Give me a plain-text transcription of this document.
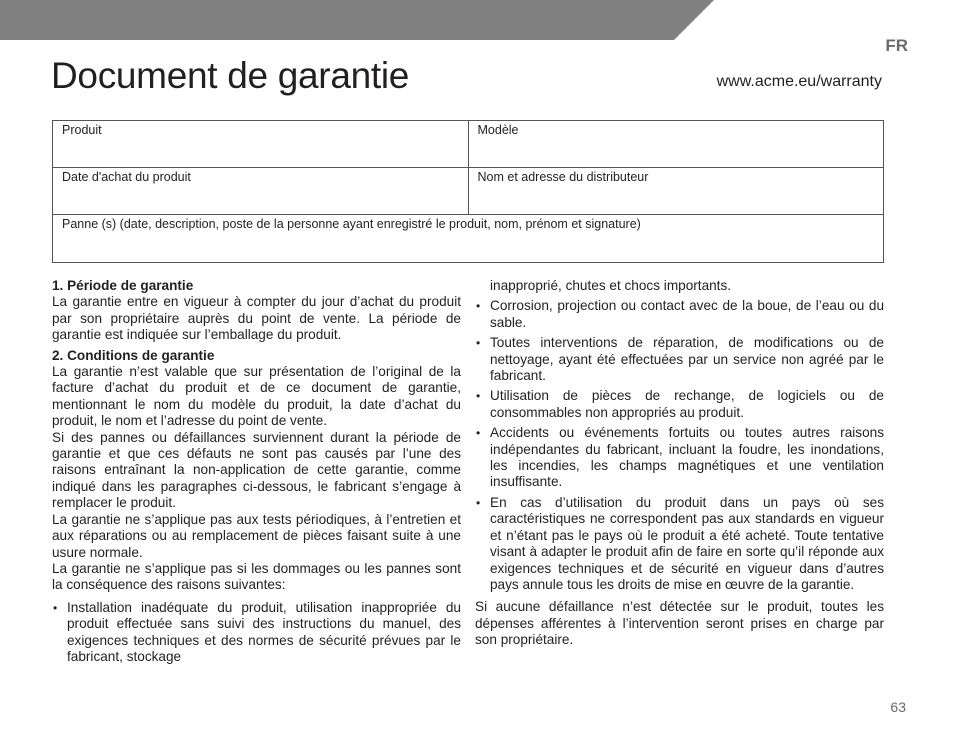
FR
Document de garantie	www.acme.eu/warranty
Produit	Modèle
Date d'achat du produit	Nom et adresse du distributeur
Panne (s) (date, description, poste de la personne ayant enregistré le produit, nom, prénom et signature)	
1. Période de garantie

La garantie entre en vigueur à compter du jour d’achat du produit par son propriétaire auprès du point de vente. La période de garantie est indiquée sur l’emballage du produit.

2. Conditions de garantie

La garantie n’est valable que sur présentation de l’original de la facture d’achat du produit et de ce document de garantie, mentionnant le nom du modèle du produit, la date d’achat du produit, le nom et l’adresse du point de vente.

Si des pannes ou défaillances surviennent durant la période de garantie et que ces défauts ne sont pas causés par l’une des raisons entraînant la non-application de cette garantie, comme indiqué dans les paragraphes ci-dessous, le fabricant s’engage à remplacer le produit.

La garantie ne s’applique pas aux tests périodiques, à l’entretien et aux réparations ou au remplacement de pièces faisant suite à une usure normale.

La garantie ne s’applique pas si les dommages ou les pannes sont la conséquence des raisons suivantes:

• Installation inadéquate du produit, utilisation inappropriée du produit effectuée sans suivi des instructions du manuel, des exigences techniques et des normes de sécurité prévues par le fabricant, stockage

inapproprié, chutes et chocs importants.

• Corrosion, projection ou contact avec de la boue, de l’eau ou du sable.
• Toutes interventions de réparation, de modifications ou de nettoyage, ayant été effectuées par un service non agréé par le fabricant.
• Utilisation de pièces de rechange, de logiciels ou de consommables non appropriés au produit.
• Accidents ou événements fortuits ou toutes autres raisons indépendantes du fabricant, incluant la foudre, les inondations, les incendies, les champs magnétiques et une ventilation insuffisante.
• En cas d’utilisation du produit dans un pays où ses caractéristiques ne correspondent pas aux standards en vigueur et n’étant pas le pays où le produit a été acheté. Toute tentative visant à adapter le produit afin de faire en sorte qu’il réponde aux exigences techniques et de sécurité en vigueur dans d’autres pays annule tous les droits de mise en œuvre de la garantie.

Si aucune défaillance n’est détectée sur le produit, toutes les dépenses afférentes à l’intervention seront prises en charge par son propriétaire.

63
